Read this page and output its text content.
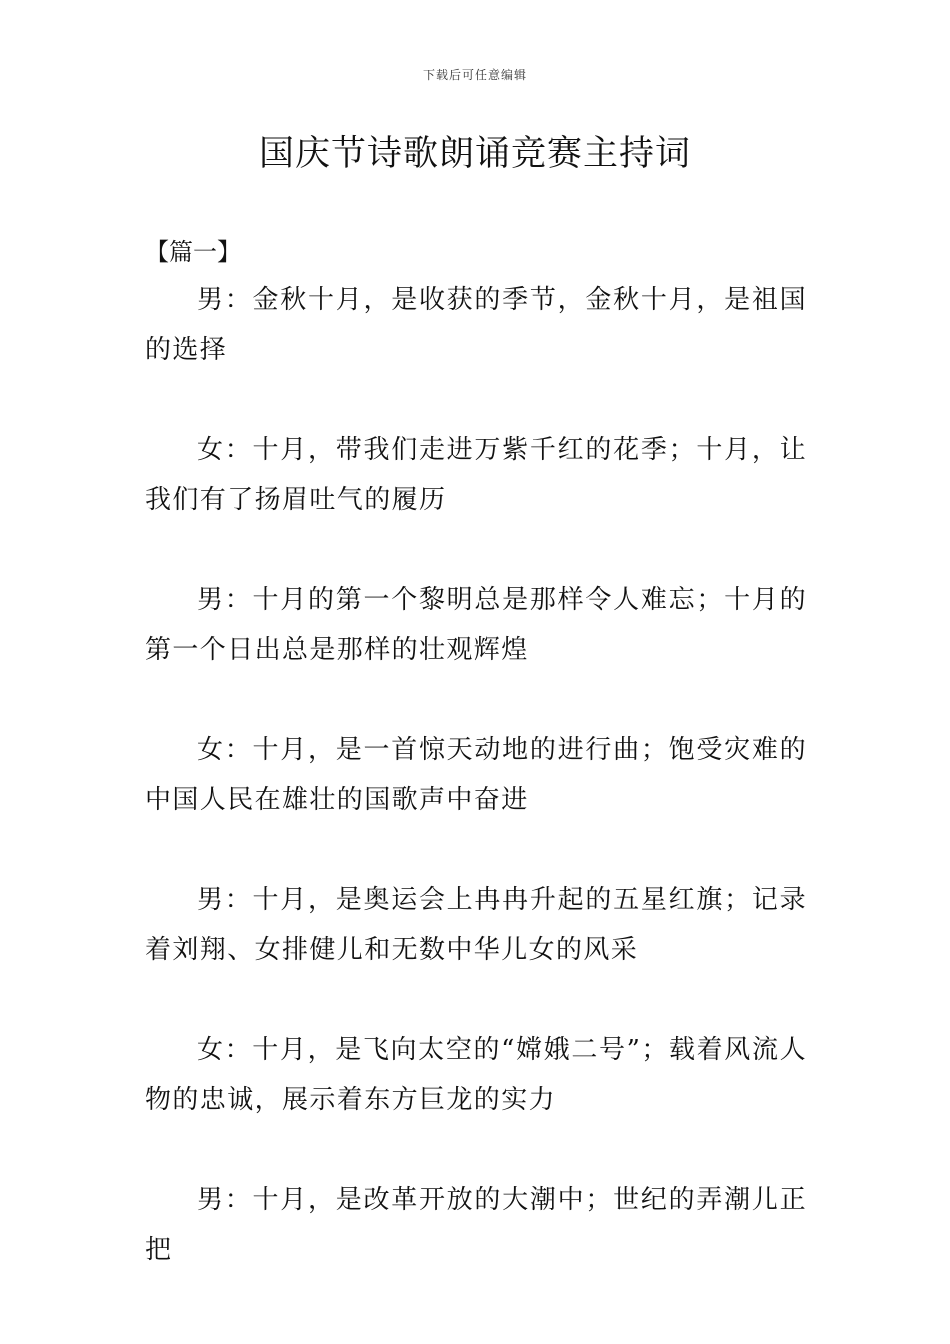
下载后可任意编辑
国庆节诗歌朗诵竞赛主持词
【篇一】

男：金秋十月，是收获的季节，金秋十月，是祖国的选择

女：十月，带我们走进万紫千红的花季；十月，让我们有了扬眉吐气的履历

男：十月的第一个黎明总是那样令人难忘；十月的第一个日出总是那样的壮观辉煌

女：十月，是一首惊天动地的进行曲；饱受灾难的中国人民在雄壮的国歌声中奋进

男：十月，是奥运会上冉冉升起的五星红旗；记录着刘翔、女排健儿和无数中华儿女的风采

女：十月，是飞向太空的“嫦娥二号”；载着风流人物的忠诚，展示着东方巨龙的实力

男：十月，是改革开放的大潮中；世纪的弄潮儿正把
